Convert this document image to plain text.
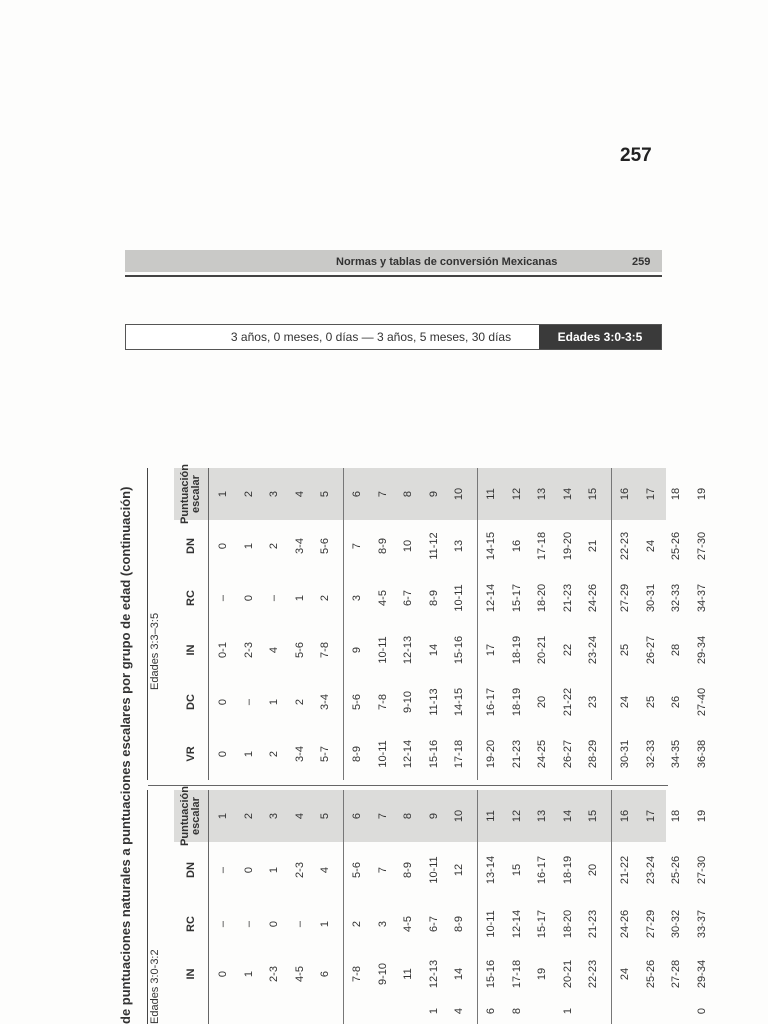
257
Normas y tablas de conversión Mexicanas	259
3 años, 0 meses, 0 días — 3 años, 5 meses, 30 días	Edades 3:0-3:5
de puntuaciones naturales a puntuaciones escalares por grupo de edad (continuación) Edades 3:0-3:2
Edades 3:3–3:5
IN
RC
DN
Puntuación escalar
VR
DC
IN
RC
DN
Puntuación escalar
0
–
–
1
1
–
0
2
2-3
0
1
3
4-5
–
2-3
4
6
1
4
5
7-8
2
5-6
6
9-10
3
7
7
11
4-5
8-9
8
1
12-13
6-7
10-11
9
4
14
8-9
12
10
6
15-16
10-11
13-14
11
8
17-18
12-14
15
12
19
15-17
16-17
13
1
20-21
18-20
18-19
14
22-23
21-23
20
15
24
24-26
21-22
16
25-26
27-29
23-24
17
27-28
30-32
25-26
18
0
29-34
33-37
27-30
19
0
0
0-1
–
0
1
1
–
2-3
0
1
2
2
1
4
–
2
3
3-4
2
5-6
1
3-4
4
5-7
3-4
7-8
2
5-6
5
8-9
5-6
9
3
7
6
10-11
7-8
10-11
4-5
8-9
7
12-14
9-10
12-13
6-7
10
8
15-16
11-13
14
8-9
11-12
9
17-18
14-15
15-16
10-11
13
10
19-20
16-17
17
12-14
14-15
11
21-23
18-19
18-19
15-17
16
12
24-25
20
20-21
18-20
17-18
13
26-27
21-22
22
21-23
19-20
14
28-29
23
23-24
24-26
21
15
30-31
24
25
27-29
22-23
16
32-33
25
26-27
30-31
24
17
34-35
26
28
32-33
25-26
18
36-38
27-40
29-34
34-37
27-30
19
